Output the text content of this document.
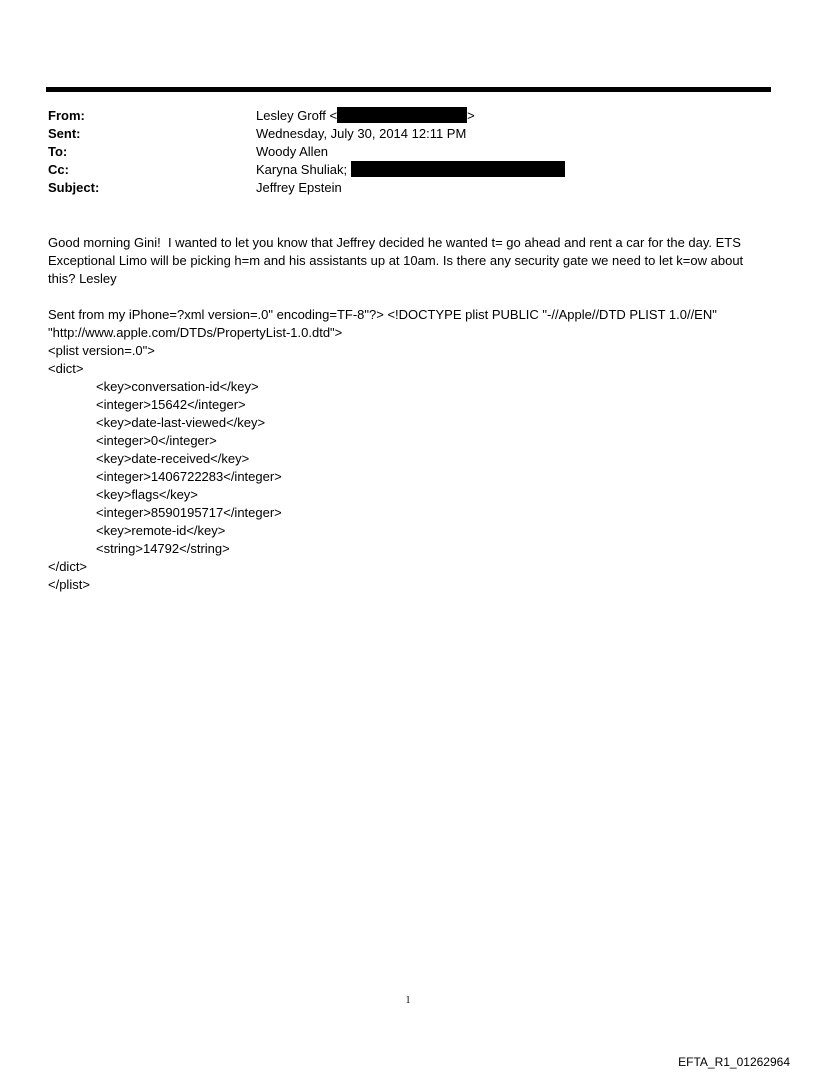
From:	Lesley Groff <	>
Sent:	Wednesday, July 30, 2014 12:11 PM
To:	Woody Allen
Cc:	Karyna Shuliak;
Subject:	Jeffrey Epstein
Good morning Gini!  I wanted to let you know that Jeffrey decided he wanted t= go ahead and rent a car for the day. ETS
Exceptional Limo will be picking h=m and his assistants up at 10am. Is there any security gate we need to let k=ow about
this? Lesley
Sent from my iPhone=?xml version=.0" encoding=TF-8"?> <!DOCTYPE plist PUBLIC "-//Apple//DTD PLIST 1.0//EN"
"http://www.apple.com/DTDs/PropertyList-1.0.dtd">
<plist version=.0">
<dict>
<key>conversation-id</key>
<integer>15642</integer>
<key>date-last-viewed</key>
<integer>0</integer>
<key>date-received</key>
<integer>1406722283</integer>
<key>flags</key>
<integer>8590195717</integer>
<key>remote-id</key>
<string>14792</string>
</dict>
</plist>
1
EFTA_R1_01262964
